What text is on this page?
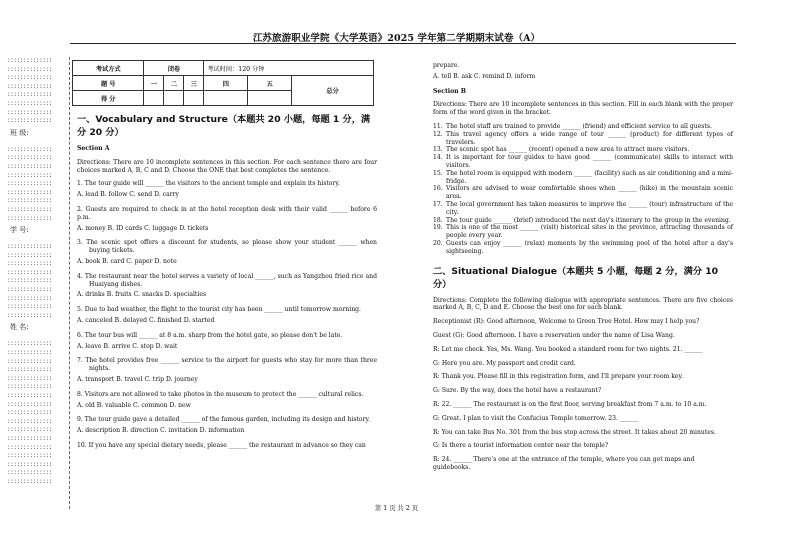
江苏旅游职业学院《大学英语》2025 学年第二学期期末试卷（A）
::::::::::::::
::::::::::::::
::::::::::::::
::::::::::::::
::::::::::::::
::::::::::::::
::::::::::::::
::::::::::::::
班 级:
::::::::::::::
::::::::::::::
::::::::::::::
::::::::::::::
::::::::::::::
::::::::::::::
::::::::::::::
::::::::::::::
::::::::::::::
学 号:
::::::::::::::
::::::::::::::
::::::::::::::
::::::::::::::
::::::::::::::
::::::::::::::
::::::::::::::
::::::::::::::
::::::::::::::
姓 名:
::::::::::::::
::::::::::::::
::::::::::::::
::::::::::::::
::::::::::::::
::::::::::::::
::::::::::::::
::::::::::::::
::::::::::::::
::::::::::::::
::::::::::::::
::::::::::::::
::::::::::::::
::::::::::::::
::::::::::::::
::::::::::::::
::::::::::::::
考试方式	闭卷			考试时间：120 分钟		
题 号	一	二	三	四	五	总分
得 分						
一、Vocabulary and Structure（本题共 20 小题，每题 1 分，满分 20 分）
Section A
Directions: There are 10 incomplete sentences in this section. For each sentence there are four choices marked A, B, C and D. Choose the ONE that best completes the sentence.
1. The tour guide will ______ the visitors to the ancient temple and explain its history.
A. lead B. follow C. send D. carry
2. Guests are required to check in at the hotel reception desk with their valid ______ before 6 p.m.
A. money B. ID cards C. luggage D. tickets
3. The scenic spot offers a discount for students, so please show your student ______ when buying tickets.
A. book B. card C. paper D. note
4. The restaurant near the hotel serves a variety of local ______, such as Yangzhou fried rice and Huaiyang dishes.
A. drinks B. fruits C. snacks D. specialties
5. Due to bad weather, the flight to the tourist city has been ______ until tomorrow morning.
A. canceled B. delayed C. finished D. started
6. The tour bus will ______ at 8 a.m. sharp from the hotel gate, so please don't be late.
A. leave B. arrive C. stop D. wait
7. The hotel provides free ______ service to the airport for guests who stay for more than three nights.
A. transport B. travel C. trip D. journey
8. Visitors are not allowed to take photos in the museum to protect the ______ cultural relics.
A. old B. valuable C. common D. new
9. The tour guide gave a detailed ______ of the famous garden, including its design and history.
A. description B. direction C. invitation D. information
10. If you have any special dietary needs, please ______ the restaurant in advance so they can
prepare.
A. tell B. ask C. remind D. inform
Section B
Directions: There are 10 incomplete sentences in this section. Fill in each blank with the proper form of the word given in the bracket.
11. The hotel staff are trained to provide ______ (friend) and efficient service to all guests.
12. This travel agency offers a wide range of tour ______ (product) for different types of travelers.
13. The scenic spot has ______ (recent) opened a new area to attract more visitors.
14. It is important for tour guides to have good ______ (communicate) skills to interact with visitors.
15. The hotel room is equipped with modern ______ (facility) such as air conditioning and a mini-fridge.
16. Visitors are advised to wear comfortable shoes when ______ (hike) in the mountain scenic area.
17. The local government has taken measures to improve the ______ (tour) infrastructure of the city.
18. The tour guide ______ (brief) introduced the next day's itinerary to the group in the evening.
19. This is one of the most ______ (visit) historical sites in the province, attracting thousands of people every year.
20. Guests can enjoy ______ (relax) moments by the swimming pool of the hotel after a day's sightseeing.
二、Situational Dialogue（本题共 5 小题，每题 2 分，满分 10 分）
Directions: Complete the following dialogue with appropriate sentences. There are five choices marked A, B, C, D and E. Choose the best one for each blank.
Receptionist (R): Good afternoon, Welcome to Green Tree Hotel. How may I help you?
Guest (G): Good afternoon. I have a reservation under the name of Lisa Wang.
R: Let me check. Yes, Ms. Wang. You booked a standard room for two nights. 21. ______
G: Here you are. My passport and credit card.
R: Thank you. Please fill in this registration form, and I'll prepare your room key.
G: Sure. By the way, does the hotel have a restaurant?
R: 22. ______ The restaurant is on the first floor, serving breakfast from 7 a.m. to 10 a.m.
G: Great. I plan to visit the Confucius Temple tomorrow. 23. ______
R: You can take Bus No. 301 from the bus stop across the street. It takes about 20 minutes.
G: Is there a tourist information center near the temple?
R: 24. ______ There's one at the entrance of the temple, where you can get maps and guidebooks.
第 1 页 共 2 页
